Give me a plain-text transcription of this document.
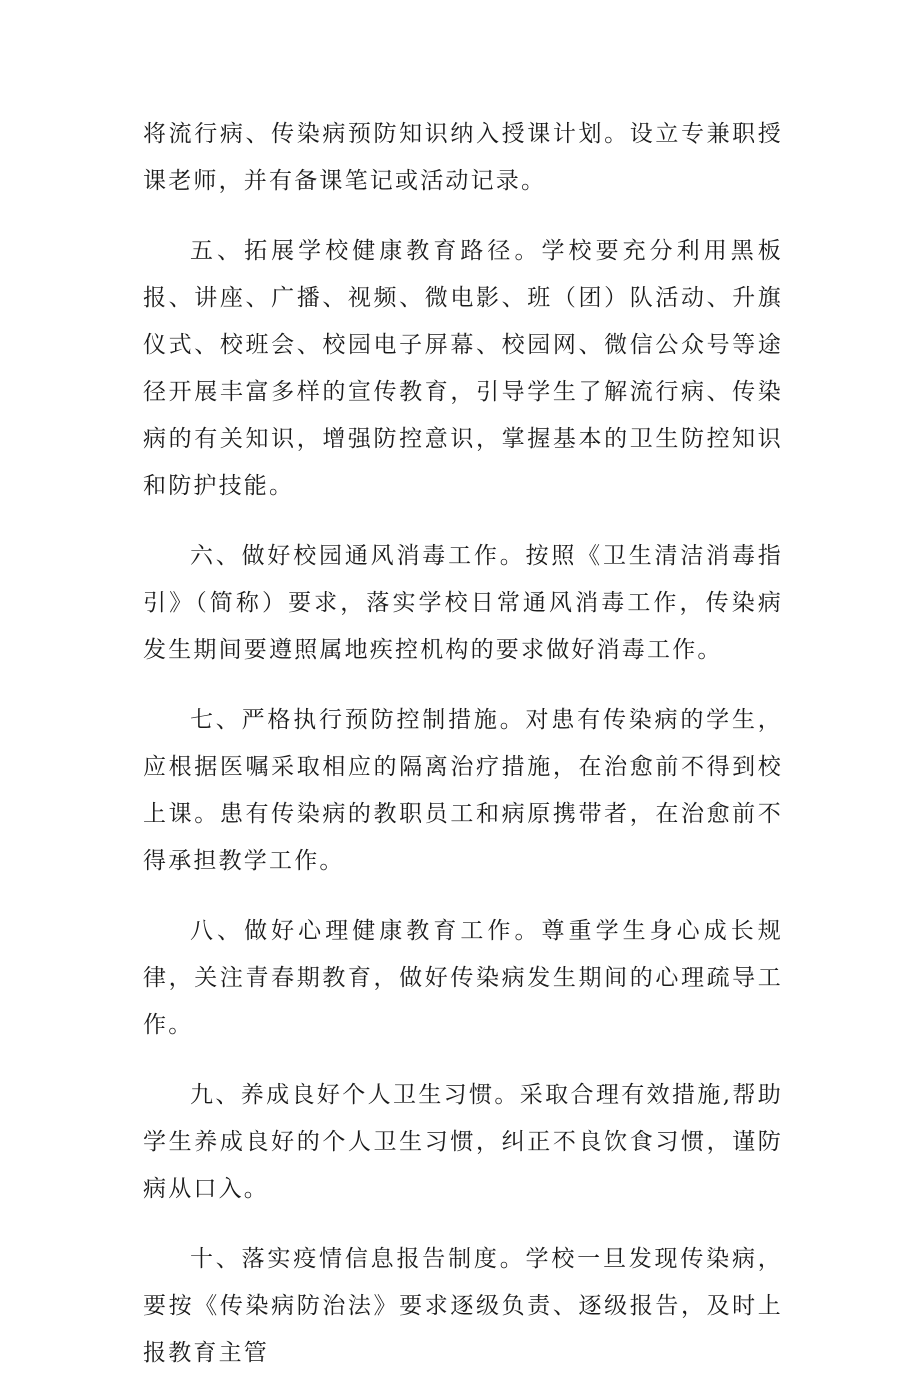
将流行病、传染病预防知识纳入授课计划。设立专兼职授课老师，并有备课笔记或活动记录。

五、拓展学校健康教育路径。学校要充分利用黑板报、讲座、广播、视频、微电影、班（团）队活动、升旗仪式、校班会、校园电子屏幕、校园网、微信公众号等途径开展丰富多样的宣传教育，引导学生了解流行病、传染病的有关知识，增强防控意识，掌握基本的卫生防控知识和防护技能。

六、做好校园通风消毒工作。按照《卫生清洁消毒指引》（简称）要求，落实学校日常通风消毒工作，传染病发生期间要遵照属地疾控机构的要求做好消毒工作。

七、严格执行预防控制措施。对患有传染病的学生，应根据医嘱采取相应的隔离治疗措施，在治愈前不得到校上课。患有传染病的教职员工和病原携带者，在治愈前不得承担教学工作。

八、做好心理健康教育工作。尊重学生身心成长规律，关注青春期教育，做好传染病发生期间的心理疏导工作。

九、养成良好个人卫生习惯。采取合理有效措施,帮助学生养成良好的个人卫生习惯，纠正不良饮食习惯，谨防病从口入。

十、落实疫情信息报告制度。学校一旦发现传染病，要按《传染病防治法》要求逐级负责、逐级报告，及时上报教育主管
